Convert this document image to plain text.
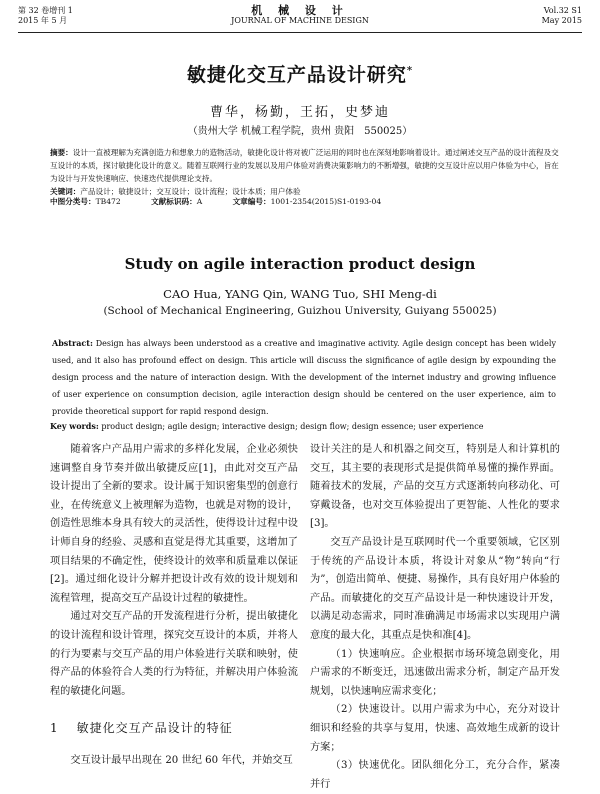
第 32 卷增刊 1
2015 年 5 月
机 械 设 计
JOURNAL OF MACHINE DESIGN
Vol.32 S1
May 2015
敏捷化交互产品设计研究*
曹华，杨勤，王拓，史梦迪
（贵州大学 机械工程学院，贵州 贵阳　550025）
摘要：设计一直被理解为充满创造力和想象力的造物活动，敏捷化设计将对被广泛运用的同时也在深刻地影响着设计。通过阐述交互产品的设计流程及交互设计的本质，探讨敏捷化设计的意义。随着互联网行业的发展以及用户体验对消费决策影响力的不断增强，敏捷的交互设计应以用户体验为中心，旨在为设计与开发快速响应、快速迭代提供理论支持。
关键词：产品设计；敏捷设计；交互设计；设计流程；设计本质；用户体验
中图分类号：TB472	文献标识码：A	文章编号：1001-2354(2015)S1-0193-04
Study on agile interaction product design
CAO Hua, YANG Qin, WANG Tuo, SHI Meng-di
(School of Mechanical Engineering, Guizhou University, Guiyang 550025)
Abstract: Design has always been understood as a creative and imaginative activity. Agile design concept has been widely used, and it also has profound effect on design. This article will discuss the significance of agile design by expounding the design process and the nature of interaction design. With the development of the internet industry and growing influence of user experience on consumption decision, agile interaction design should be centered on the user experience, aim to provide theoretical support for rapid respond design.
Key words: product design; agile design; interactive design; design flow; design essence; user experience

随着客户产品用户需求的多样化发展，企业必须快速调整自身节奏并做出敏捷反应[1]，由此对交互产品设计提出了全新的要求。设计属于知识密集型的创意行业，在传统意义上被理解为造物，也就是对物的设计，创造性思维本身具有较大的灵活性，使得设计过程中设计师自身的经验、灵感和直觉是得尤其重要，这增加了项目结果的不确定性，使终设计的效率和质量难以保证[2]。通过细化设计分解并把设计改有效的设计规划和流程管理，提高交互产品设计过程的敏捷性。

通过对交互产品的开发流程进行分析，提出敏捷化的设计流程和设计管理，探究交互设计的本质，并将人的行为要素与交互产品的用户体验进行关联和映射，使得产品的体验符合人类的行为特征，并解决用户体验流程的敏捷化问题。

1 敏捷化交互产品设计的特征

交互设计最早出现在 20 世纪 60 年代，并始交互

设计关注的是人和机器之间交互，特别是人和计算机的交互，其主要的表现形式是提供简单易懂的操作界面。随着技术的发展，产品的交互方式逐渐转向移动化、可穿戴设备，也对交互体验提出了更智能、人性化的要求[3]。

交互产品设计是互联网时代一个重要领域，它区别于传统的产品设计本质，将设计对象从“物”转向“行为”，创造出简单、便捷、易操作，具有良好用户体验的产品。而敏捷化的交互产品设计是一种快速设计开发，以满足动态需求，同时准确满足市场需求以实现用户满意度的最大化，其重点是快和准[4]。

（1）快速响应。企业根据市场环境急剧变化，用户需求的不断变迁，迅速做出需求分析，制定产品开发规划，以快速响应需求变化；

（2）快速设计。以用户需求为中心，充分对设计细识和经验的共享与复用，快速、高效地生成新的设计方案；

（3）快速优化。团队细化分工，充分合作，紧凑并行
